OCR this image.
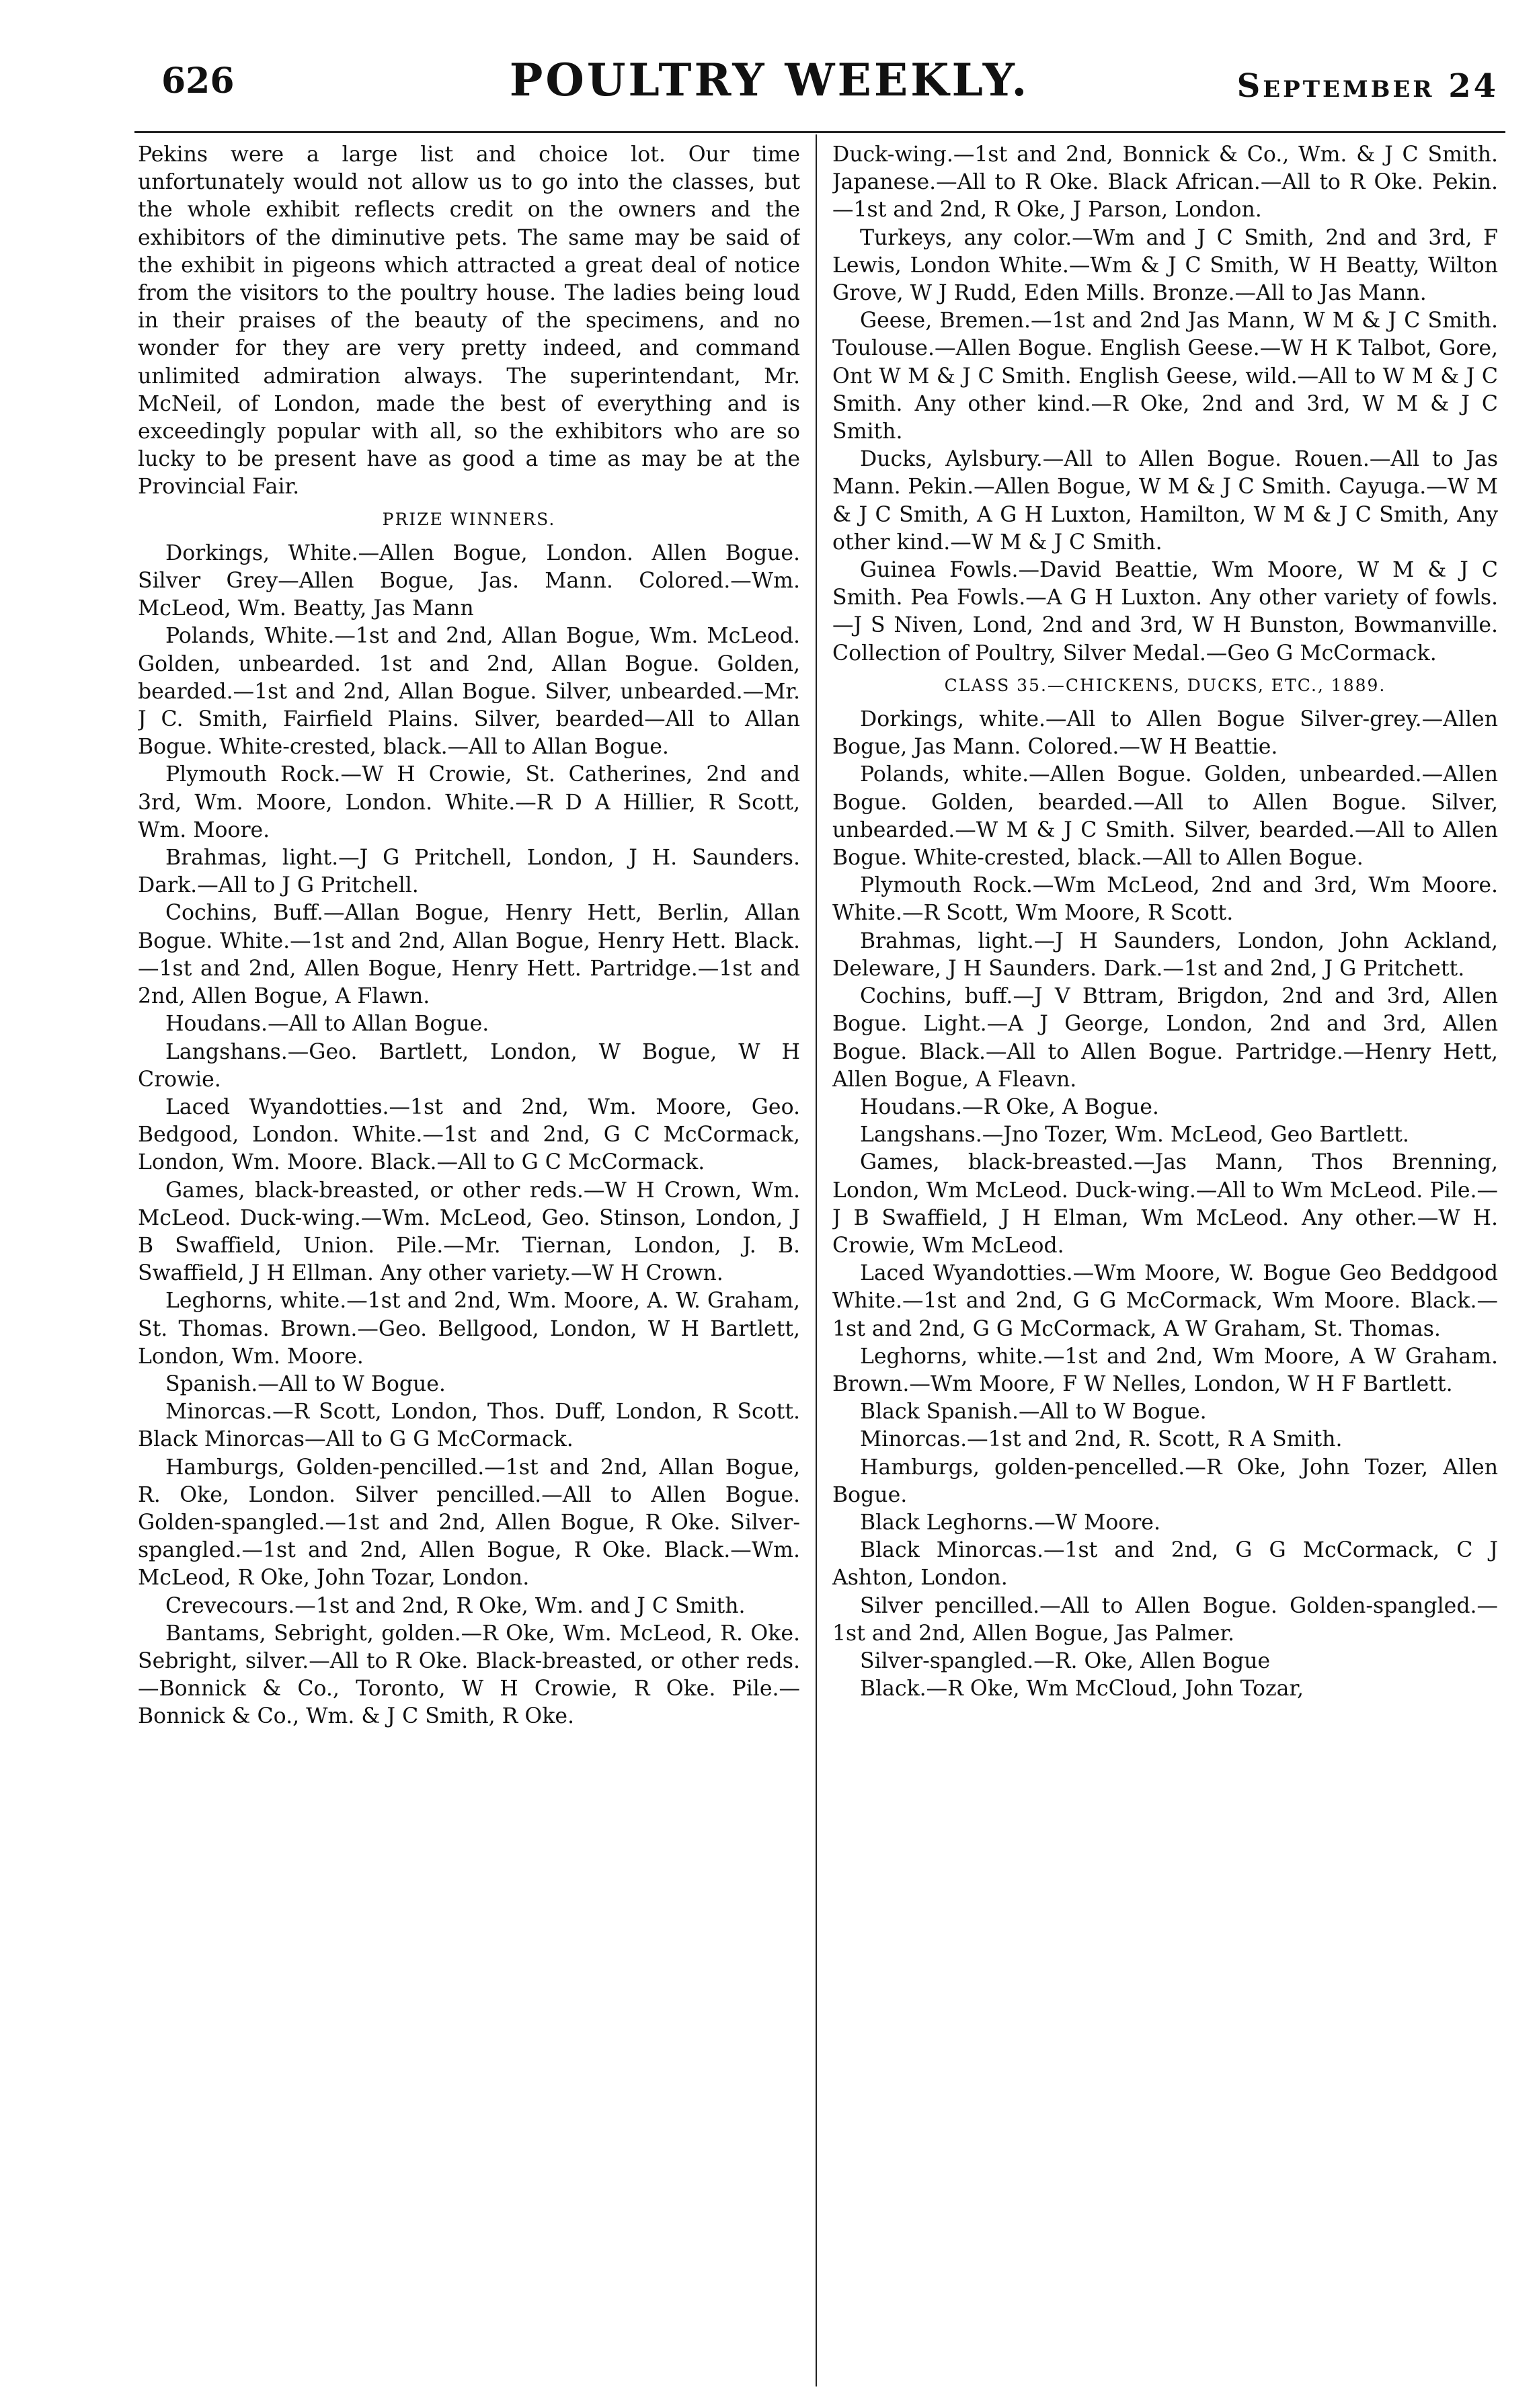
626	POULTRY WEEKLY.	September 24

Pekins were a large list and choice lot. Our time unfortunately would not allow us to go into the classes, but the whole exhibit reflects credit on the owners and the exhibitors of the diminutive pets. The same may be said of the exhibit in pigeons which attracted a great deal of notice from the visitors to the poultry house. The ladies being loud in their praises of the beauty of the specimens, and no wonder for they are very pretty indeed, and command unlimited admiration always. The superintendant, Mr. McNeil, of London, made the best of everything and is exceedingly popular with all, so the exhibitors who are so lucky to be present have as good a time as may be at the Provincial Fair.

PRIZE WINNERS.

Dorkings, White.—Allen Bogue, London. Allen Bogue. Silver Grey—Allen Bogue, Jas. Mann. Colored.—Wm. McLeod, Wm. Beatty, Jas Mann

Polands, White.—1st and 2nd, Allan Bogue, Wm. McLeod. Golden, unbearded. 1st and 2nd, Allan Bogue. Golden, bearded.—1st and 2nd, Allan Bogue. Silver, unbearded.—Mr. J C. Smith, Fairfield Plains. Silver, bearded—All to Allan Bogue. White-crested, black.—All to Allan Bogue.

Plymouth Rock.—W H Crowie, St. Catherines, 2nd and 3rd, Wm. Moore, London. White.—R D A Hillier, R Scott, Wm. Moore.

Brahmas, light.—J G Pritchell, London, J H. Saunders. Dark.—All to J G Pritchell.

Cochins, Buff.—Allan Bogue, Henry Hett, Berlin, Allan Bogue. White.—1st and 2nd, Allan Bogue, Henry Hett. Black.—1st and 2nd, Allen Bogue, Henry Hett. Partridge.—1st and 2nd, Allen Bogue, A Flawn.

Houdans.—All to Allan Bogue.

Langshans.—Geo. Bartlett, London, W Bogue, W H Crowie.

Laced Wyandotties.—1st and 2nd, Wm. Moore, Geo. Bedgood, London. White.—1st and 2nd, G C McCormack, London, Wm. Moore. Black.—All to G C McCormack.

Games, black-breasted, or other reds.—W H Crown, Wm. McLeod. Duck-wing.—Wm. McLeod, Geo. Stinson, London, J B Swaffield, Union. Pile.—Mr. Tiernan, London, J. B. Swaffield, J H Ellman. Any other variety.—W H Crown.

Leghorns, white.—1st and 2nd, Wm. Moore, A. W. Graham, St. Thomas. Brown.—Geo. Bellgood, London, W H Bartlett, London, Wm. Moore.

Spanish.—All to W Bogue.

Minorcas.—R Scott, London, Thos. Duff, London, R Scott. Black Minorcas—All to G G McCormack.

Hamburgs, Golden-pencilled.—1st and 2nd, Allan Bogue, R. Oke, London. Silver pencilled.—All to Allen Bogue. Golden-spangled.—1st and 2nd, Allen Bogue, R Oke. Silver-spangled.—1st and 2nd, Allen Bogue, R Oke. Black.—Wm. McLeod, R Oke, John Tozar, London.

Crevecours.—1st and 2nd, R Oke, Wm. and J C Smith.

Bantams, Sebright, golden.—R Oke, Wm. McLeod, R. Oke. Sebright, silver.—All to R Oke. Black-breasted, or other reds.—Bonnick & Co., Toronto, W H Crowie, R Oke. Pile.—Bonnick & Co., Wm. & J C Smith, R Oke.

Duck-wing.—1st and 2nd, Bonnick & Co., Wm. & J C Smith. Japanese.—All to R Oke. Black African.—All to R Oke. Pekin.—1st and 2nd, R Oke, J Parson, London.

Turkeys, any color.—Wm and J C Smith, 2nd and 3rd, F Lewis, London White.—Wm & J C Smith, W H Beatty, Wilton Grove, W J Rudd, Eden Mills. Bronze.—All to Jas Mann.

Geese, Bremen.—1st and 2nd Jas Mann, W M & J C Smith. Toulouse.—Allen Bogue. English Geese.—W H K Talbot, Gore, Ont W M & J C Smith. English Geese, wild.—All to W M & J C Smith. Any other kind.—R Oke, 2nd and 3rd, W M & J C Smith.

Ducks, Aylsbury.—All to Allen Bogue. Rouen.—All to Jas Mann. Pekin.—Allen Bogue, W M & J C Smith. Cayuga.—W M & J C Smith, A G H Luxton, Hamilton, W M & J C Smith, Any other kind.—W M & J C Smith.

Guinea Fowls.—David Beattie, Wm Moore, W M & J C Smith. Pea Fowls.—A G H Luxton. Any other variety of fowls.—J S Niven, Lond, 2nd and 3rd, W H Bunston, Bowmanville. Collection of Poultry, Silver Medal.—Geo G McCormack.

CLASS 35.—CHICKENS, DUCKS, ETC., 1889.

Dorkings, white.—All to Allen Bogue Silver-grey.—Allen Bogue, Jas Mann. Colored.—W H Beattie.

Polands, white.—Allen Bogue. Golden, unbearded.—Allen Bogue. Golden, bearded.—All to Allen Bogue. Silver, unbearded.—W M & J C Smith. Silver, bearded.—All to Allen Bogue. White-crested, black.—All to Allen Bogue.

Plymouth Rock.—Wm McLeod, 2nd and 3rd, Wm Moore. White.—R Scott, Wm Moore, R Scott.

Brahmas, light.—J H Saunders, London, John Ackland, Deleware, J H Saunders. Dark.—1st and 2nd, J G Pritchett.

Cochins, buff.—J V Bttram, Brigdon, 2nd and 3rd, Allen Bogue. Light.—A J George, London, 2nd and 3rd, Allen Bogue. Black.—All to Allen Bogue. Partridge.—Henry Hett, Allen Bogue, A Fleavn.

Houdans.—R Oke, A Bogue.

Langshans.—Jno Tozer, Wm. McLeod, Geo Bartlett.

Games, black-breasted.—Jas Mann, Thos Brenning, London, Wm McLeod. Duck-wing.—All to Wm McLeod. Pile.—J B Swaffield, J H Elman, Wm McLeod. Any other.—W H. Crowie, Wm McLeod.

Laced Wyandotties.—Wm Moore, W. Bogue Geo Beddgood White.—1st and 2nd, G G McCormack, Wm Moore. Black.—1st and 2nd, G G McCormack, A W Graham, St. Thomas.

Leghorns, white.—1st and 2nd, Wm Moore, A W Graham. Brown.—Wm Moore, F W Nelles, London, W H F Bartlett.

Black Spanish.—All to W Bogue.

Minorcas.—1st and 2nd, R. Scott, R A Smith.

Hamburgs, golden-pencelled.—R Oke, John Tozer, Allen Bogue.

Black Leghorns.—W Moore.

Black Minorcas.—1st and 2nd, G G McCormack, C J Ashton, London.

Silver pencilled.—All to Allen Bogue. Golden-spangled.—1st and 2nd, Allen Bogue, Jas Palmer.

Silver-spangled.—R. Oke, Allen Bogue

Black.—R Oke, Wm McCloud, John Tozar,
